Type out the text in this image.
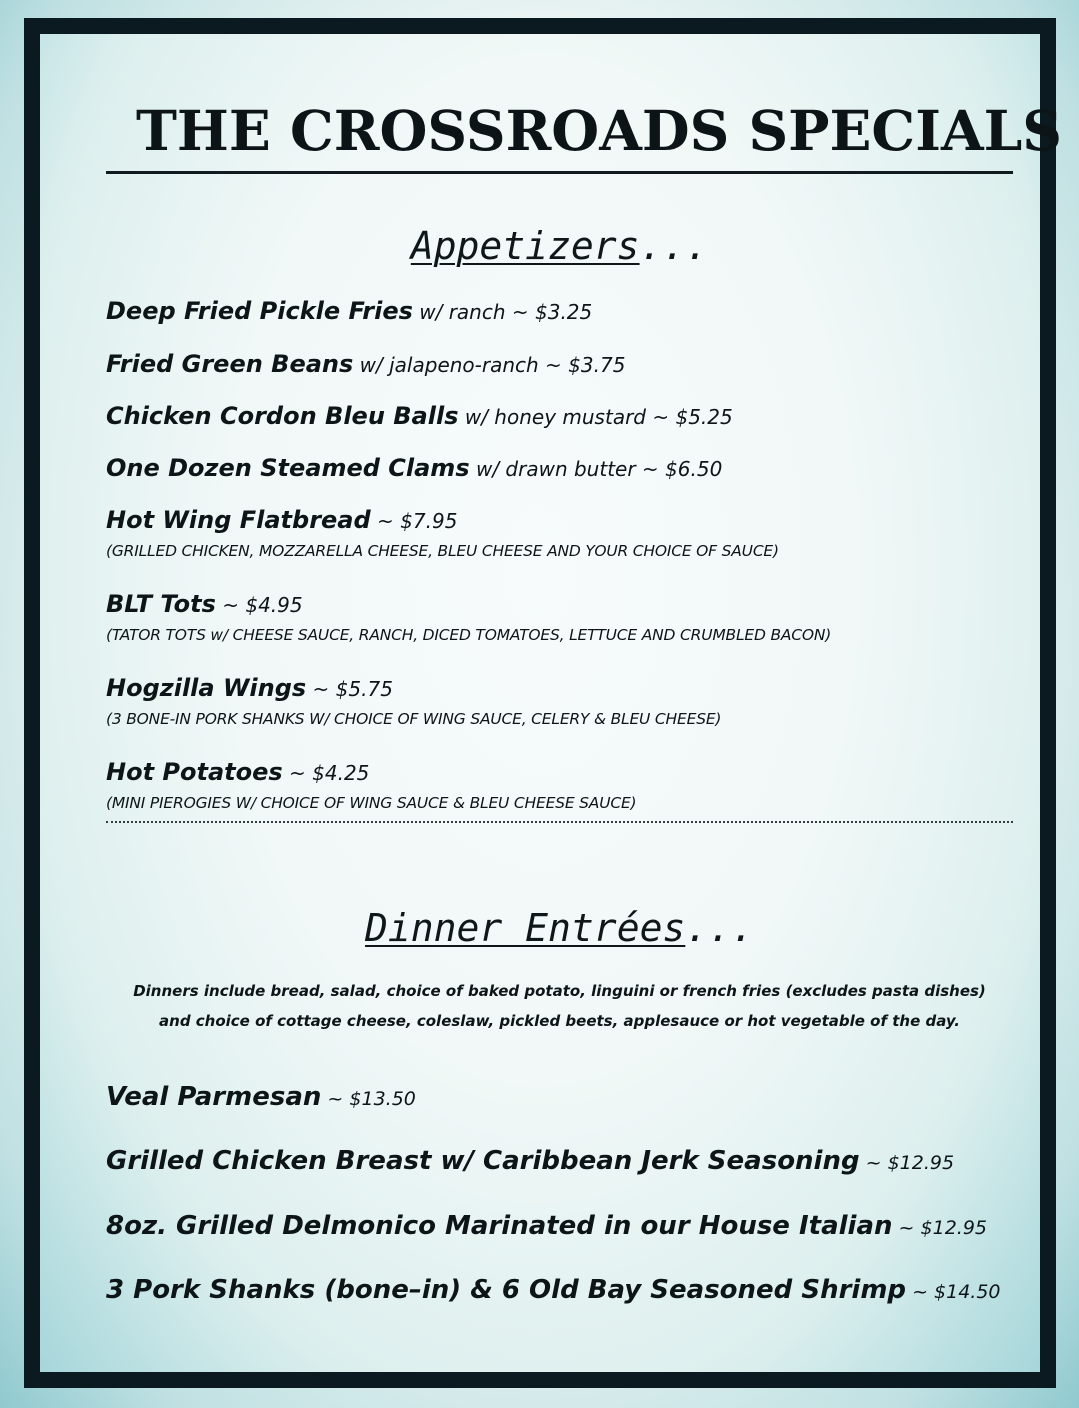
THE CROSSROADS SPECIALS
Appetizers...
Deep Fried Pickle Fries w/ ranch ~ $3.25
Fried Green Beans w/ jalapeno-ranch ~ $3.75
Chicken Cordon Bleu Balls w/ honey mustard ~ $5.25
One Dozen Steamed Clams w/ drawn butter ~ $6.50
Hot Wing Flatbread ~ $7.95
(GRILLED CHICKEN, MOZZARELLA CHEESE, BLEU CHEESE AND YOUR CHOICE OF SAUCE)
BLT Tots ~ $4.95
(TATOR TOTS w/ CHEESE SAUCE, RANCH, DICED TOMATOES, LETTUCE AND CRUMBLED BACON)
Hogzilla Wings ~ $5.75
(3 BONE-IN PORK SHANKS W/ CHOICE OF WING SAUCE, CELERY & BLEU CHEESE)
Hot Potatoes ~ $4.25
(MINI PIEROGIES W/ CHOICE OF WING SAUCE & BLEU CHEESE SAUCE)
Dinner Entrées...
Dinners include bread, salad, choice of baked potato, linguini or french fries (excludes pasta dishes)
and choice of cottage cheese, coleslaw, pickled beets, applesauce or hot vegetable of the day.
Veal Parmesan ~ $13.50
Grilled Chicken Breast w/ Caribbean Jerk Seasoning ~ $12.95
8oz. Grilled Delmonico Marinated in our House Italian ~ $12.95
3 Pork Shanks (bone–in) & 6 Old Bay Seasoned Shrimp ~ $14.50
